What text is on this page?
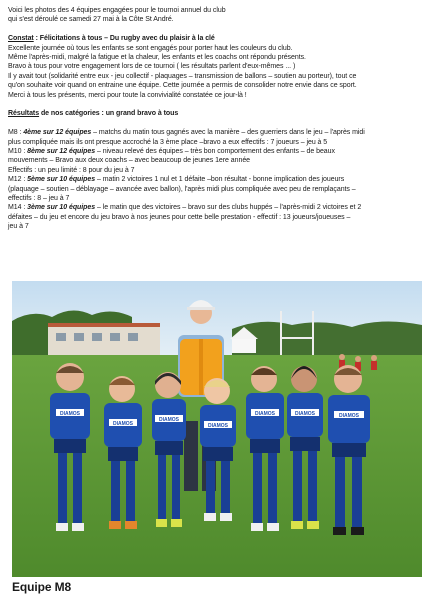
Voici les photos des 4 équipes engagées pour le tournoi annuel du club

qui s'est déroulé ce samedi 27 mai à la Côte St André.

Constat : Félicitations à tous – Du rugby avec du plaisir à la clé

Excellente journée où tous les enfants se sont engagés pour porter haut les couleurs du club.

Même l'après-midi, malgré la fatigue et la chaleur, les enfants et les coachs ont répondu présents.

Bravo à tous pour votre engagement lors de ce tournoi ( les résultats parlent d'eux-mêmes ... )

Il y avait tout (solidarité entre eux - jeu collectif - plaquages – transmission de ballons – soutien au porteur), tout ce

qu'on souhaite voir quand on entraine une équipe. Cette journée a permis de consolider notre envie dans ce sport.

Merci à tous les présents, merci pour toute la convivialité constatée ce jour-là !

Résultats de nos catégories : un grand bravo à tous

M8 : 4ème sur 12 équipes – matchs du matin tous gagnés avec la manière – des guerriers dans le jeu – l'après midi

plus compliquée mais ils ont presque accroché la 3 ème place –bravo a eux effectifs : 7 joueurs – jeu à 5

M10 : 8ème sur 12 équipes – niveau relevé des équipes – très bon comportement des enfants – de beaux

mouvements – Bravo aux deux coachs – avec beaucoup de jeunes 1ere année

Effectifs : un peu limité : 8 pour du jeu à 7

M12 : 5ème sur 10 équipes – matin 2 victoires 1 nul et 1 défaite –bon résultat - bonne implication des joueurs

(plaquage – soutien – déblayage – avancée avec ballon), l'après midi plus compliquée avec peu de remplaçants –

effectifs : 8 – jeu à 7

M14 : 3ème sur 10 équipes – le matin que des victoires – bravo sur des clubs huppés – l'après-midi 2 victoires et 2

défaites – du jeu et encore du jeu bravo à nos jeunes pour cette belle prestation - effectif : 13 joueurs/joueuses –

jeu à 7

DIAMOS
DIAMOS
DIAMOS
DIAMOS
DIAMOS	DIAMOS	DIAMOS
Equipe M8
